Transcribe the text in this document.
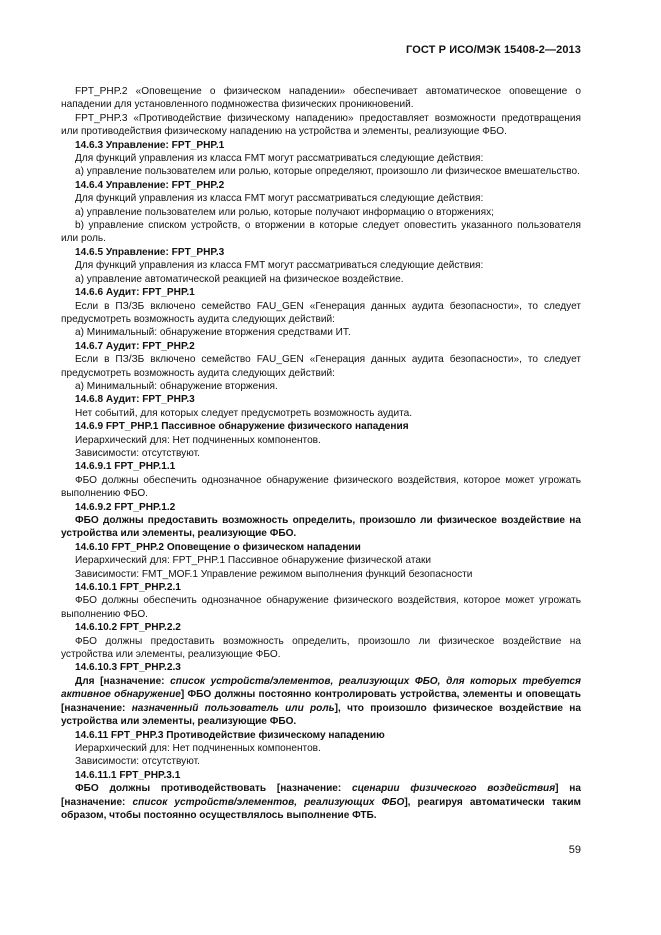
ГОСТ Р ИСО/МЭК 15408-2—2013
FPT_PHP.2 «Оповещение о физическом нападении» обеспечивает автоматическое оповещение о нападении для установленного подмножества физических проникновений.
FPT_PHP.3 «Противодействие физическому нападению» предоставляет возможности предотвращения или противодействия физическому нападению на устройства и элементы, реализующие ФБО.
14.6.3 Управление: FPT_PHP.1
Для функций управления из класса FMT могут рассматриваться следующие действия:
а) управление пользователем или ролью, которые определяют, произошло ли физическое вмешательство.
14.6.4 Управление: FPT_PHP.2
Для функций управления из класса FMT могут рассматриваться следующие действия:
а) управление пользователем или ролью, которые получают информацию о вторжениях;
b) управление списком устройств, о вторжении в которые следует оповестить указанного пользователя или роль.
14.6.5 Управление: FPT_PHP.3
Для функций управления из класса FMT могут рассматриваться следующие действия:
а) управление автоматической реакцией на физическое воздействие.
14.6.6 Аудит: FPT_PHP.1
Если в ПЗ/ЗБ включено семейство FAU_GEN «Генерация данных аудита безопасности», то следует предусмотреть возможность аудита следующих действий:
а) Минимальный: обнаружение вторжения средствами ИТ.
14.6.7 Аудит: FPT_PHP.2
Если в ПЗ/ЗБ включено семейство FAU_GEN «Генерация данных аудита безопасности», то следует предусмотреть возможность аудита следующих действий:
а) Минимальный: обнаружение вторжения.
14.6.8 Аудит: FPT_PHP.3
Нет событий, для которых следует предусмотреть возможность аудита.
14.6.9 FPT_PHP.1 Пассивное обнаружение физического нападения
Иерархический для: Нет подчиненных компонентов.
Зависимости: отсутствуют.
14.6.9.1 FPT_PHP.1.1
ФБО должны обеспечить однозначное обнаружение физического воздействия, которое может угрожать выполнению ФБО.
14.6.9.2 FPT_PHP.1.2
ФБО должны предоставить возможность определить, произошло ли физическое воздействие на устройства или элементы, реализующие ФБО.
14.6.10 FPT_PHP.2 Оповещение о физическом нападении
Иерархический для: FPT_PHP.1 Пассивное обнаружение физической атаки
Зависимости: FMT_MOF.1 Управление режимом выполнения функций безопасности
14.6.10.1 FPT_PHP.2.1
ФБО должны обеспечить однозначное обнаружение физического воздействия, которое может угрожать выполнению ФБО.
14.6.10.2 FPT_PHP.2.2
ФБО должны предоставить возможность определить, произошло ли физическое воздействие на устройства или элементы, реализующие ФБО.
14.6.10.3 FPT_PHP.2.3
Для [назначение: список устройств/элементов, реализующих ФБО, для которых требуется активное обнаружение] ФБО должны постоянно контролировать устройства, элементы и оповещать [назначение: назначенный пользователь или роль], что произошло физическое воздействие на устройства или элементы, реализующие ФБО.
14.6.11 FPT_PHP.3 Противодействие физическому нападению
Иерархический для: Нет подчиненных компонентов.
Зависимости: отсутствуют.
14.6.11.1 FPT_PHP.3.1
ФБО должны противодействовать [назначение: сценарии физического воздействия] на [назначение: список устройств/элементов, реализующих ФБО], реагируя автоматически таким образом, чтобы постоянно осуществлялось выполнение ФТБ.
59
